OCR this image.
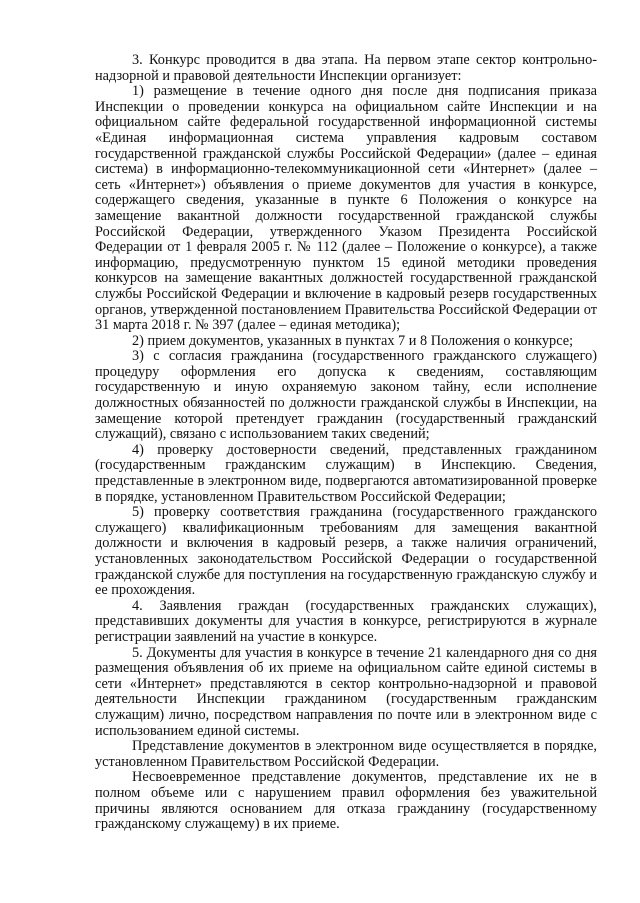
3. Конкурс проводится в два этапа. На первом этапе сектор контрольно-надзорной и правовой деятельности Инспекции организует:

1) размещение в течение одного дня после дня подписания приказа Инспекции о проведении конкурса на официальном сайте Инспекции и на официальном сайте федеральной государственной информационной системы «Единая информационная система управления кадровым составом государственной гражданской службы Российской Федерации» (далее – единая система) в информационно-телекоммуникационной сети «Интернет» (далее – сеть «Интернет») объявления о приеме документов для участия в конкурсе, содержащего сведения, указанные в пункте 6 Положения о конкурсе на замещение вакантной должности государственной гражданской службы Российской Федерации, утвержденного Указом Президента Российской Федерации от 1 февраля 2005 г. № 112 (далее – Положение о конкурсе), а также информацию, предусмотренную пунктом 15 единой методики проведения конкурсов на замещение вакантных должностей государственной гражданской службы Российской Федерации и включение в кадровый резерв государственных органов, утвержденной постановлением Правительства Российской Федерации от 31 марта 2018 г. № 397 (далее – единая методика);

2) прием документов, указанных в пунктах 7 и 8 Положения о конкурсе;

3) с согласия гражданина (государственного гражданского служащего) процедуру оформления его допуска к сведениям, составляющим государственную и иную охраняемую законом тайну, если исполнение должностных обязанностей по должности гражданской службы в Инспекции, на замещение которой претендует гражданин (государственный гражданский служащий), связано с использованием таких сведений;

4) проверку достоверности сведений, представленных гражданином (государственным гражданским служащим) в Инспекцию. Сведения, представленные в электронном виде, подвергаются автоматизированной проверке в порядке, установленном Правительством Российской Федерации;

5) проверку соответствия гражданина (государственного гражданского служащего) квалификационным требованиям для замещения вакантной должности и включения в кадровый резерв, а также наличия ограничений, установленных законодательством Российской Федерации о государственной гражданской службе для поступления на государственную гражданскую службу и ее прохождения.

4. Заявления граждан (государственных гражданских служащих), представивших документы для участия в конкурсе, регистрируются в журнале регистрации заявлений на участие в конкурсе.

5. Документы для участия в конкурсе в течение 21 календарного дня со дня размещения объявления об их приеме на официальном сайте единой системы в сети «Интернет» представляются в сектор контрольно-надзорной и правовой деятельности Инспекции гражданином (государственным гражданским служащим) лично, посредством направления по почте или в электронном виде с использованием единой системы.

Представление документов в электронном виде осуществляется в порядке, установленном Правительством Российской Федерации.

Несвоевременное представление документов, представление их не в полном объеме или с нарушением правил оформления без уважительной причины являются основанием для отказа гражданину (государственному гражданскому служащему) в их приеме.
